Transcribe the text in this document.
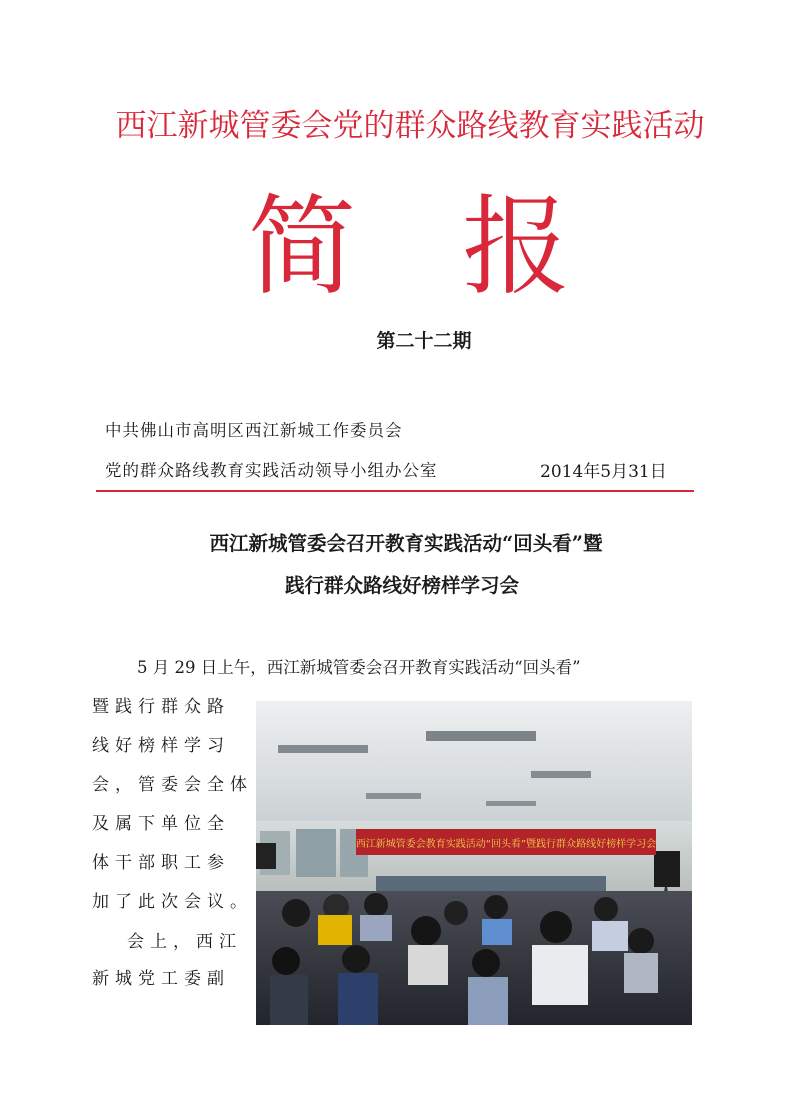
西江新城管委会党的群众路线教育实践活动
简 报
第二十二期
中共佛山市高明区西江新城工作委员会
党的群众路线教育实践活动领导小组办公室	2014年5月31日
西江新城管委会召开教育实践活动“回头看”暨
践行群众路线好榜样学习会
5 月 29 日上午，西江新城管委会召开教育实践活动“回头看”
暨践行群众路
线好榜样学习
会，管委会全体
及属下单位全
体干部职工参
加了此次会议。
会上，西江
新城党工委副
西江新城管委会教育实践活动“回头看”暨践行群众路线好榜样学习会
